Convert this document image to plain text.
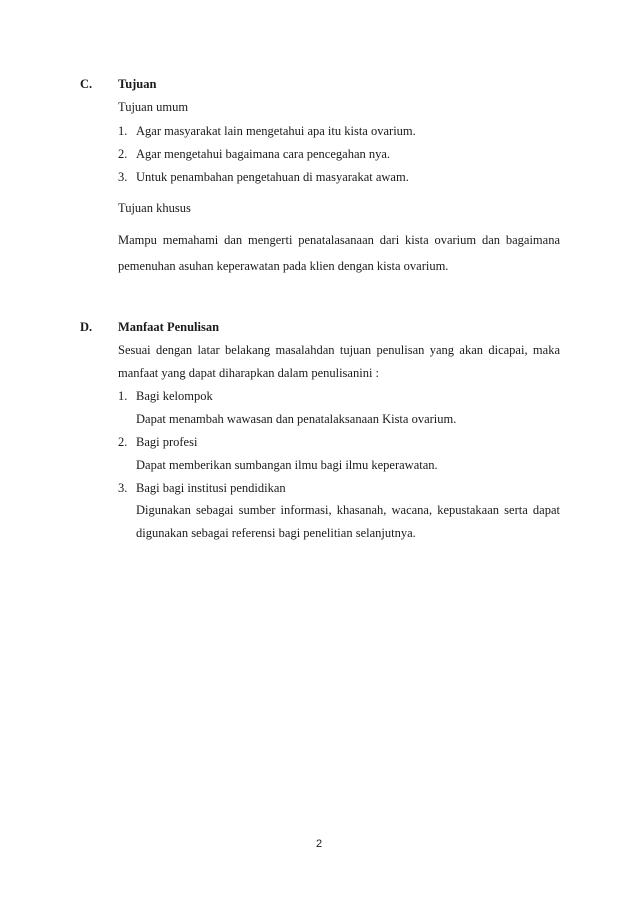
C. Tujuan
Tujuan umum
1. Agar masyarakat lain mengetahui apa itu kista ovarium.
2. Agar mengetahui bagaimana cara pencegahan nya.
3. Untuk penambahan pengetahuan di masyarakat awam.
Tujuan khusus
Mampu memahami dan mengerti penatalasanaan dari kista ovarium dan bagaimana
pemenuhan asuhan keperawatan pada klien dengan kista ovarium.
D. Manfaat Penulisan
Sesuai dengan latar belakang masalahdan tujuan penulisan yang akan dicapai, maka
manfaat yang dapat diharapkan dalam penulisanini :
1. Bagi kelompok
Dapat menambah wawasan dan penatalaksanaan Kista ovarium.
2. Bagi profesi
Dapat memberikan sumbangan ilmu bagi ilmu keperawatan.
3. Bagi bagi institusi pendidikan
Digunakan sebagai sumber informasi, khasanah, wacana, kepustakaan serta dapat
digunakan sebagai referensi bagi penelitian selanjutnya.
2
